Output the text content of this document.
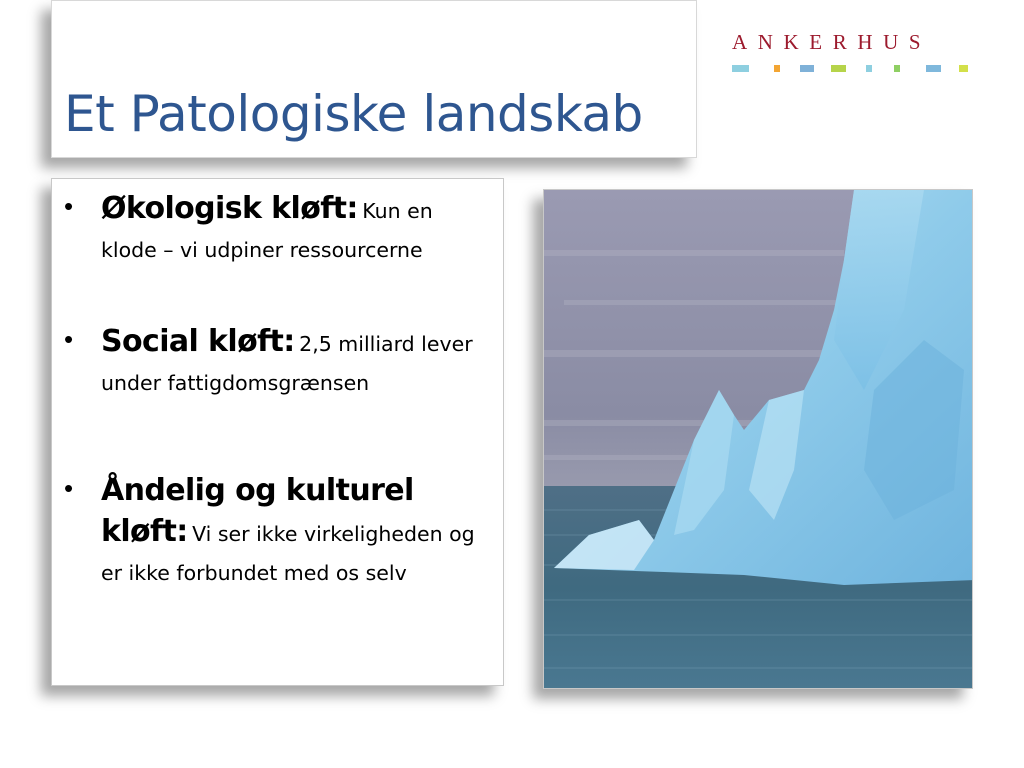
Et Patologiske landskab
ANKERHUS
• Økologisk kløft: Kun en klode – vi udpiner ressourcerne
• Social kløft: 2,5 milliard lever under fattigdomsgrænsen
• Åndelig og kulturel kløft: Vi ser ikke virkeligheden og er ikke forbundet med os selv
